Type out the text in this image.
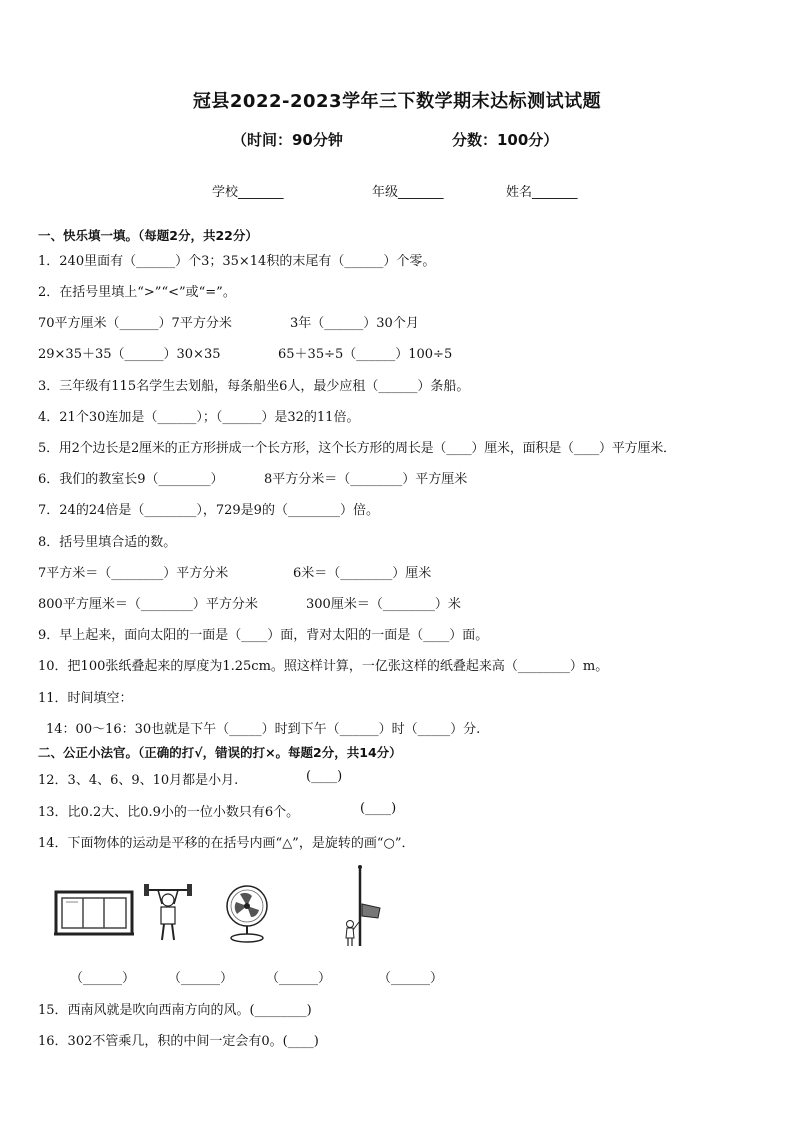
冠县2022-2023学年三下数学期末达标测试试题
（时间：90分钟	分数：100分）
学校_______	年级_______	姓名_______
一、快乐填一填。（每题2分，共22分）
1．240里面有（______）个3；35×14积的末尾有（______）个零。
2．在括号里填上“>”“<”或“=”。
70平方厘米（______）7平方分米	3年（______）30个月
29×35＋35（______）30×35	65＋35÷5（______）100÷5
3．三年级有115名学生去划船，每条船坐6人，最少应租（______）条船。
4．21个30连加是（______）；（______）是32的11倍。
5．用2个边长是2厘米的正方形拼成一个长方形，这个长方形的周长是（____）厘米，面积是（____）平方厘米．
6．我们的教室长9（________）	8平方分米＝（________）平方厘米
7．24的24倍是（________），729是9的（________）倍。
8．括号里填合适的数。
7平方米＝（________）平方分米	6米＝（________）厘米
800平方厘米＝（________）平方分米	300厘米＝（________）米
9．早上起来，面向太阳的一面是（____）面，背对太阳的一面是（____）面。
10．把100张纸叠起来的厚度为1.25cm。照这样计算，一亿张这样的纸叠起来高（________）m。
11．时间填空：
14：00～16：30也就是下午（_____）时到下午（______）时（_____）分.
二、公正小法官。（正确的打√，错误的打×。每题2分，共14分）
12．3、4、6、9、10月都是小月.	(____)
13．比0.2大、比0.9小的一位小数只有6个。	(____)
14．下面物体的运动是平移的在括号内画“△”，是旋转的画“○”．
（______）	（______）	（______）	（______）
15．西南风就是吹向西南方向的风。(________)
16．302不管乘几，积的中间一定会有0。(____)
